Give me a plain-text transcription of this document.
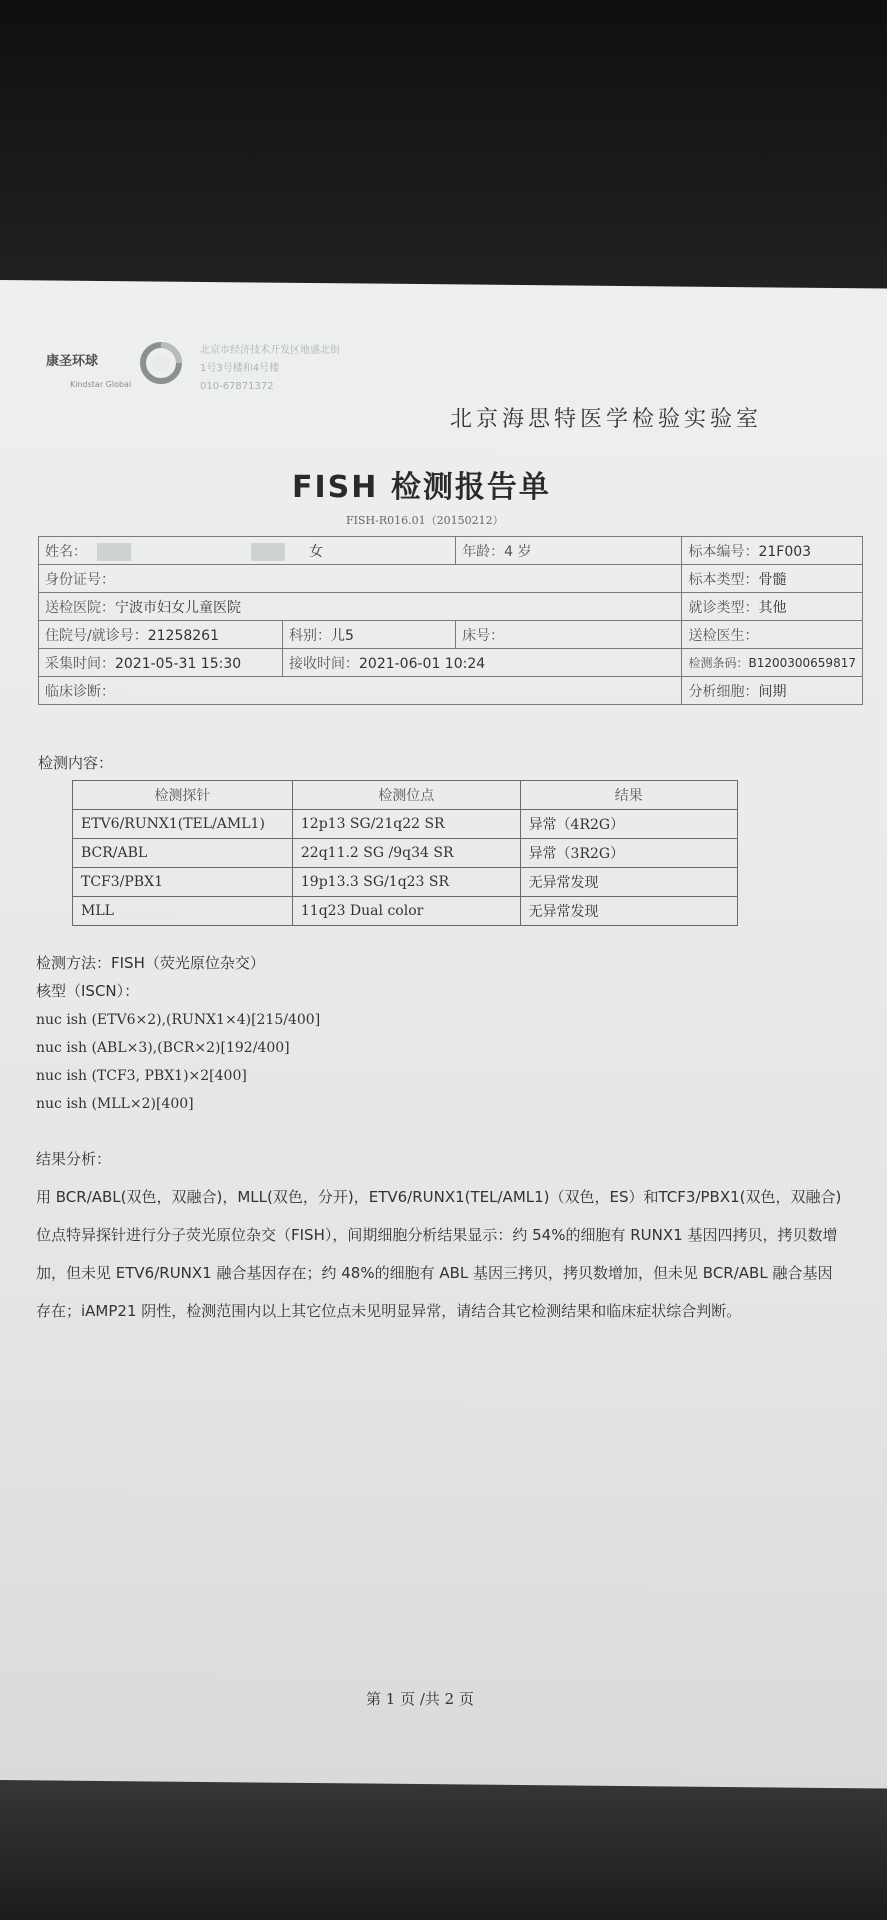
康圣环球
Kindstar Global
北京市经济技术开发区地盛北街
1号3号楼和4号楼
010-67871372
北京海思特医学检验实验室
FISH 检测报告单
FISH-R016.01（20150212）
姓名： 女		年龄：4 岁	标本编号：21F003
身份证号：			标本类型：骨髓
送检医院：宁波市妇女儿童医院			就诊类型：其他
住院号/就诊号：21258261	科别：儿5	床号：	送检医生：
采集时间：2021-05-31 15:30	接收时间：2021-06-01 10:24		检测条码：B1200300659817
临床诊断：			分析细胞：间期
检测内容：
检测探针	检测位点	结果
ETV6/RUNX1(TEL/AML1)	12p13 SG/21q22 SR	异常（4R2G）
BCR/ABL	22q11.2 SG /9q34 SR	异常（3R2G）
TCF3/PBX1	19p13.3 SG/1q23 SR	无异常发现
MLL	11q23 Dual color	无异常发现
检测方法：FISH（荧光原位杂交）
核型（ISCN）：
nuc ish (ETV6×2),(RUNX1×4)[215/400]
nuc ish (ABL×3),(BCR×2)[192/400]
nuc ish (TCF3, PBX1)×2[400]
nuc ish (MLL×2)[400]
结果分析：
用 BCR/ABL(双色，双融合)，MLL(双色，分开)，ETV6/RUNX1(TEL/AML1)（双色，ES）和TCF3/PBX1(双色，双融合)位点特异探针进行分子荧光原位杂交（FISH），间期细胞分析结果显示：约 54%的细胞有 RUNX1 基因四拷贝，拷贝数增加，但未见 ETV6/RUNX1 融合基因存在；约 48%的细胞有 ABL 基因三拷贝，拷贝数增加，但未见 BCR/ABL 融合基因存在；iAMP21 阴性，检测范围内以上其它位点未见明显异常，请结合其它检测结果和临床症状综合判断。
第 1 页 /共 2 页
